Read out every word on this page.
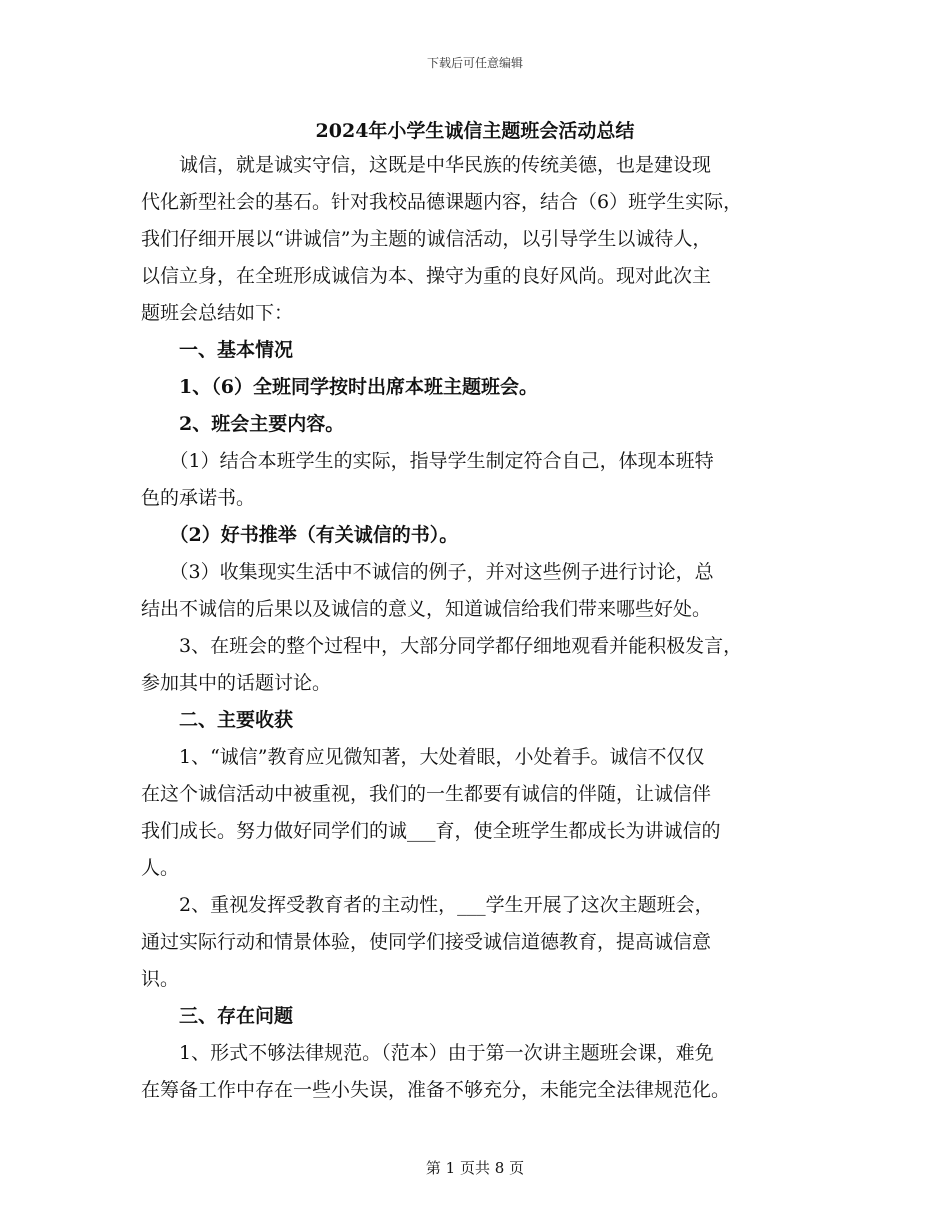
下载后可任意编辑
2024年小学生诚信主题班会活动总结

诚信，就是诚实守信，这既是中华民族的传统美德，也是建设现
代化新型社会的基石。针对我校品德课题内容，结合（6）班学生实际，
我们仔细开展以“讲诚信”为主题的诚信活动，以引导学生以诚待人，
以信立身，在全班形成诚信为本、操守为重的良好风尚。现对此次主
题班会总结如下：

一、基本情况

1、（6）全班同学按时出席本班主题班会。

2、班会主要内容。

（1）结合本班学生的实际，指导学生制定符合自己，体现本班特
色的承诺书。

（2）好书推举（有关诚信的书）。

（3）收集现实生活中不诚信的例子，并对这些例子进行讨论，总
结出不诚信的后果以及诚信的意义，知道诚信给我们带来哪些好处。

3、在班会的整个过程中，大部分同学都仔细地观看并能积极发言，
参加其中的话题讨论。

二、主要收获

1、“诚信”教育应见微知著，大处着眼，小处着手。诚信不仅仅
在这个诚信活动中被重视，我们的一生都要有诚信的伴随，让诚信伴
我们成长。努力做好同学们的诚___育，使全班学生都成长为讲诚信的
人。

2、重视发挥受教育者的主动性，___学生开展了这次主题班会，
通过实际行动和情景体验，使同学们接受诚信道德教育，提高诚信意
识。

三、存在问题

1、形式不够法律规范。（范本）由于第一次讲主题班会课，难免
在筹备工作中存在一些小失误，准备不够充分，未能完全法律规范化。

第 1 页共 8 页
